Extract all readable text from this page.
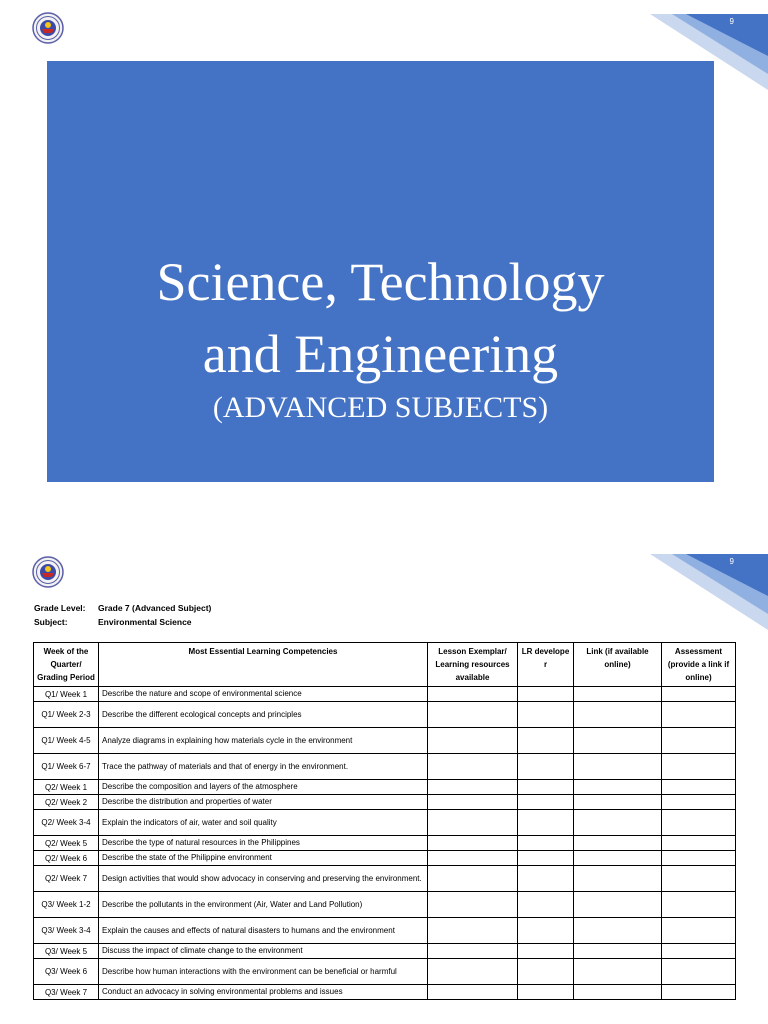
9
Science, Technology
and Engineering
(ADVANCED SUBJECTS)
9
Grade Level: Grade 7 (Advanced Subject)
Subject:	Environmental Science
Week of the Quarter/ Grading Period	Most Essential Learning Competencies	Lesson Exemplar/ Learning resources available	LR develope r	Link (if available online)	Assessment (provide a link if online)
Q1/ Week 1	Describe the nature and scope of environmental science				
Q1/ Week 2-3	Describe the different ecological concepts and principles				
Q1/ Week 4-5	Analyze diagrams in explaining how materials cycle in the environment				
Q1/ Week 6-7	Trace the pathway of materials and that of energy in the environment.				
Q2/ Week 1	Describe the composition and layers of the atmosphere				
Q2/ Week 2	Describe the distribution and properties of water				
Q2/ Week 3-4	Explain the indicators of air, water and soil quality				
Q2/ Week 5	Describe the type of natural resources in the Philippines				
Q2/ Week 6	Describe the state of the Philippine environment				
Q2/ Week 7	Design activities that would show advocacy in conserving and preserving the environment.				
Q3/ Week 1-2	Describe the pollutants in the environment (Air, Water and Land Pollution)				
Q3/ Week 3-4	Explain the causes and effects of natural disasters to humans and the environment				
Q3/ Week 5	Discuss the impact of climate change to the environment				
Q3/ Week 6	Describe how human interactions with the environment can be beneficial or harmful				
Q3/ Week 7	Conduct an advocacy in solving environmental problems and issues				
